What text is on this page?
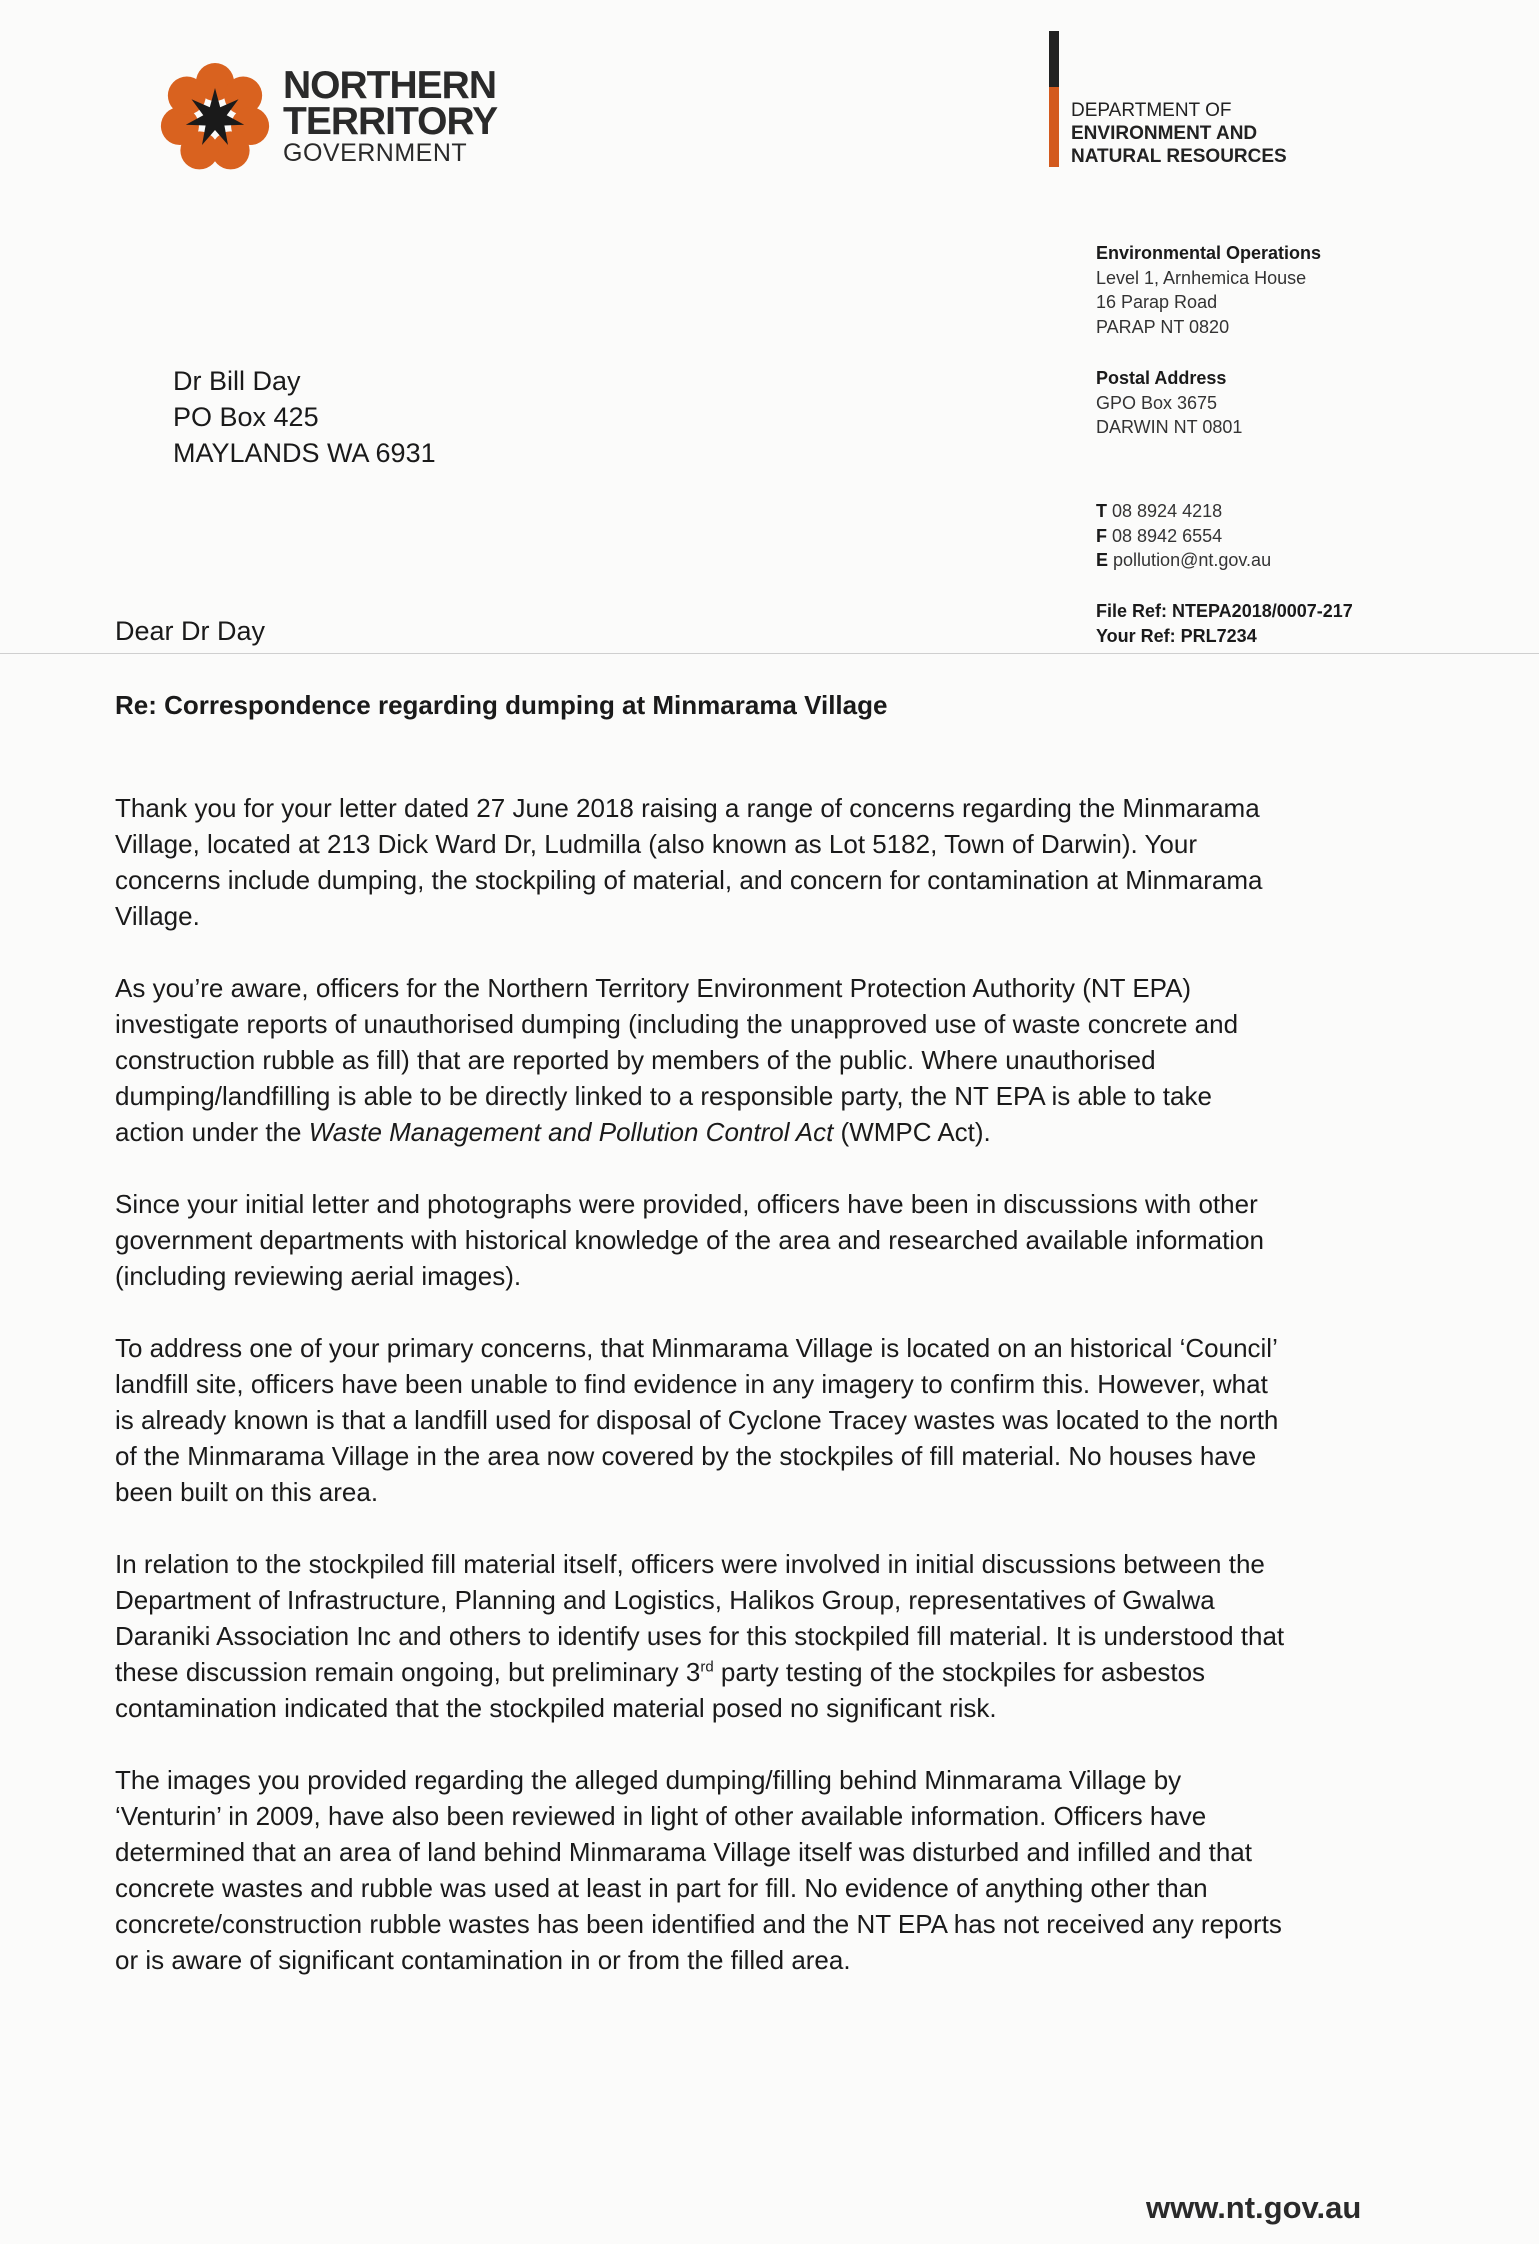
NORTHERN
TERRITORY
GOVERNMENT
DEPARTMENT OF
ENVIRONMENT AND
NATURAL RESOURCES
Environmental Operations
Level 1, Arnhemica House
16 Parap Road
PARAP NT 0820
Postal Address
GPO Box 3675
DARWIN NT 0801
T 08 8924 4218
F 08 8942 6554
E pollution@nt.gov.au
File Ref: NTEPA2018/0007-217
Your Ref: PRL7234
Dr Bill Day
PO Box 425
MAYLANDS WA 6931
Dear Dr Day
Re: Correspondence regarding dumping at Minmarama Village

Thank you for your letter dated 27 June 2018 raising a range of concerns regarding the Minmarama
Village, located at 213 Dick Ward Dr, Ludmilla (also known as Lot 5182, Town of Darwin). Your
concerns include dumping, the stockpiling of material, and concern for contamination at Minmarama
Village.

As you’re aware, officers for the Northern Territory Environment Protection Authority (NT EPA)
investigate reports of unauthorised dumping (including the unapproved use of waste concrete and
construction rubble as fill) that are reported by members of the public. Where unauthorised
dumping/landfilling is able to be directly linked to a responsible party, the NT EPA is able to take
action under the Waste Management and Pollution Control Act (WMPC Act).

Since your initial letter and photographs were provided, officers have been in discussions with other
government departments with historical knowledge of the area and researched available information
(including reviewing aerial images).

To address one of your primary concerns, that Minmarama Village is located on an historical ‘Council’
landfill site, officers have been unable to find evidence in any imagery to confirm this. However, what
is already known is that a landfill used for disposal of Cyclone Tracey wastes was located to the north
of the Minmarama Village in the area now covered by the stockpiles of fill material. No houses have
been built on this area.

In relation to the stockpiled fill material itself, officers were involved in initial discussions between the
Department of Infrastructure, Planning and Logistics, Halikos Group, representatives of Gwalwa
Daraniki Association Inc and others to identify uses for this stockpiled fill material. It is understood that
these discussion remain ongoing, but preliminary 3rd party testing of the stockpiles for asbestos
contamination indicated that the stockpiled material posed no significant risk.

The images you provided regarding the alleged dumping/filling behind Minmarama Village by
‘Venturin’ in 2009, have also been reviewed in light of other available information. Officers have
determined that an area of land behind Minmarama Village itself was disturbed and infilled and that
concrete wastes and rubble was used at least in part for fill. No evidence of anything other than
concrete/construction rubble wastes has been identified and the NT EPA has not received any reports
or is aware of significant contamination in or from the filled area.

www.nt.gov.au
